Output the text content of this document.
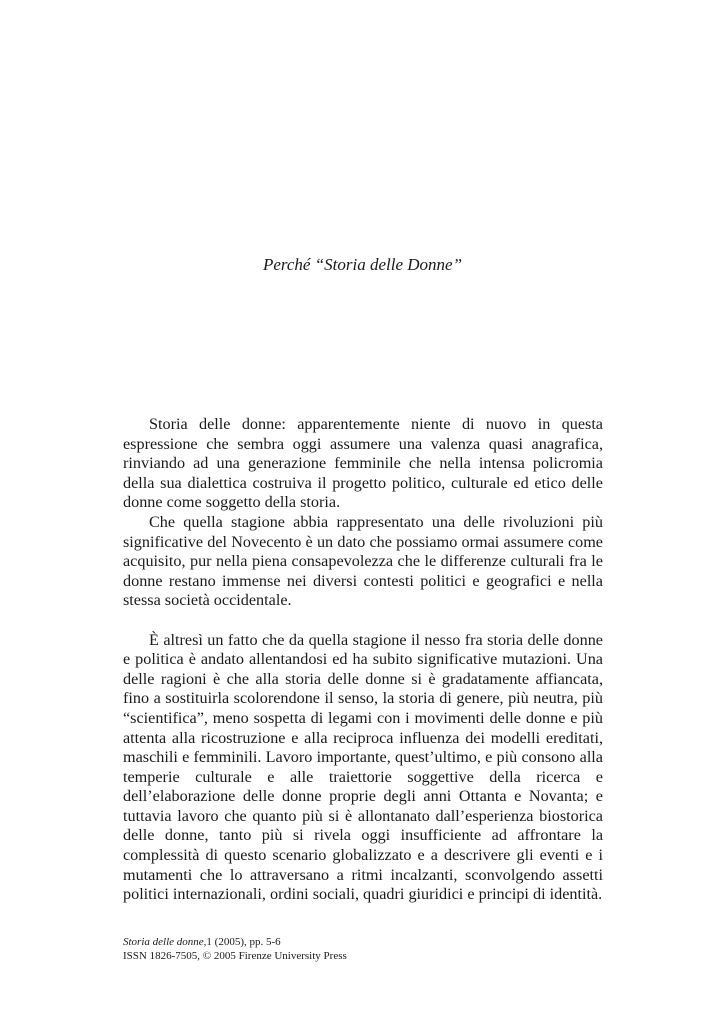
Perché “Storia delle Donne”

Storia delle donne: apparentemente niente di nuovo in questa espressione che sembra oggi assumere una valenza quasi anagrafica, rinviando ad una generazione femminile che nella intensa policromia della sua dialettica costruiva il progetto politico, culturale ed etico delle donne come soggetto della storia.

Che quella stagione abbia rappresentato una delle rivoluzioni più significative del Novecento è un dato che possiamo ormai assumere come acquisito, pur nella piena consapevolezza che le differenze culturali fra le donne restano immense nei diversi contesti politici e geografici e nella stessa società occidentale.

È altresì un fatto che da quella stagione il nesso fra storia delle donne e politica è andato allentandosi ed ha subito significative mutazioni. Una delle ragioni è che alla storia delle donne si è gradatamente affiancata, fino a sostituirla scolorendone il senso, la storia di genere, più neutra, più “scientifica”, meno sospetta di legami con i movimenti delle donne e più attenta alla ricostruzione e alla reciproca influenza dei modelli ereditati, maschili e femminili. Lavoro importante, quest’ultimo, e più consono alla temperie culturale e alle traiettorie soggettive della ricerca e dell’elaborazione delle donne proprie degli anni Ottanta e Novanta; e tuttavia lavoro che quanto più si è allontanato dall’esperienza biostorica delle donne, tanto più si rivela oggi insufficiente ad affrontare la complessità di questo scenario globalizzato e a descrivere gli eventi e i mutamenti che lo attraversano a ritmi incalzanti, sconvolgendo assetti politici internazionali, ordini sociali, quadri giuridici e principi di identità.

Storia delle donne,1 (2005), pp. 5-6
ISSN 1826-7505, © 2005 Firenze University Press
